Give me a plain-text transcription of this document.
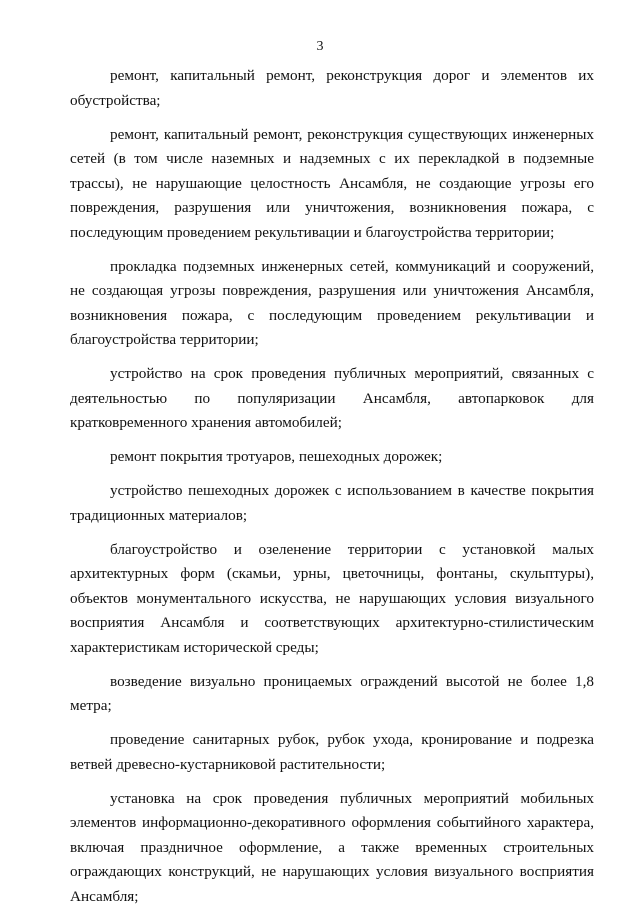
3

ремонт, капитальный ремонт, реконструкция дорог и элементов их обустройства;

ремонт, капитальный ремонт, реконструкция существующих инженерных сетей (в том числе наземных и надземных с их перекладкой в подземные трассы), не нарушающие целостность Ансамбля, не создающие угрозы его повреждения, разрушения или уничтожения, возникновения пожара, с последующим проведением рекультивации и благоустройства территории;

прокладка подземных инженерных сетей, коммуникаций и сооружений, не создающая угрозы повреждения, разрушения или уничтожения Ансамбля, возникновения пожара, с последующим проведением рекультивации и благоустройства территории;

устройство на срок проведения публичных мероприятий, связанных с деятельностью по популяризации Ансамбля, автопарковок для кратковременного хранения автомобилей;

ремонт покрытия тротуаров, пешеходных дорожек;

устройство пешеходных дорожек с использованием в качестве покрытия традиционных материалов;

благоустройство и озеленение территории с установкой малых архитектурных форм (скамьи, урны, цветочницы, фонтаны, скульптуры), объектов монументального искусства, не нарушающих условия визуального восприятия Ансамбля и соответствующих архитектурно-стилистическим характеристикам исторической среды;

возведение визуально проницаемых ограждений высотой не более 1,8 метра;

проведение санитарных рубок, рубок ухода, кронирование и подрезка ветвей древесно-кустарниковой растительности;

установка на срок проведения публичных мероприятий мобильных элементов информационно-декоративного оформления событийного характера, включая праздничное оформление, а также временных строительных ограждающих конструкций, не нарушающих условия визуального восприятия Ансамбля;
